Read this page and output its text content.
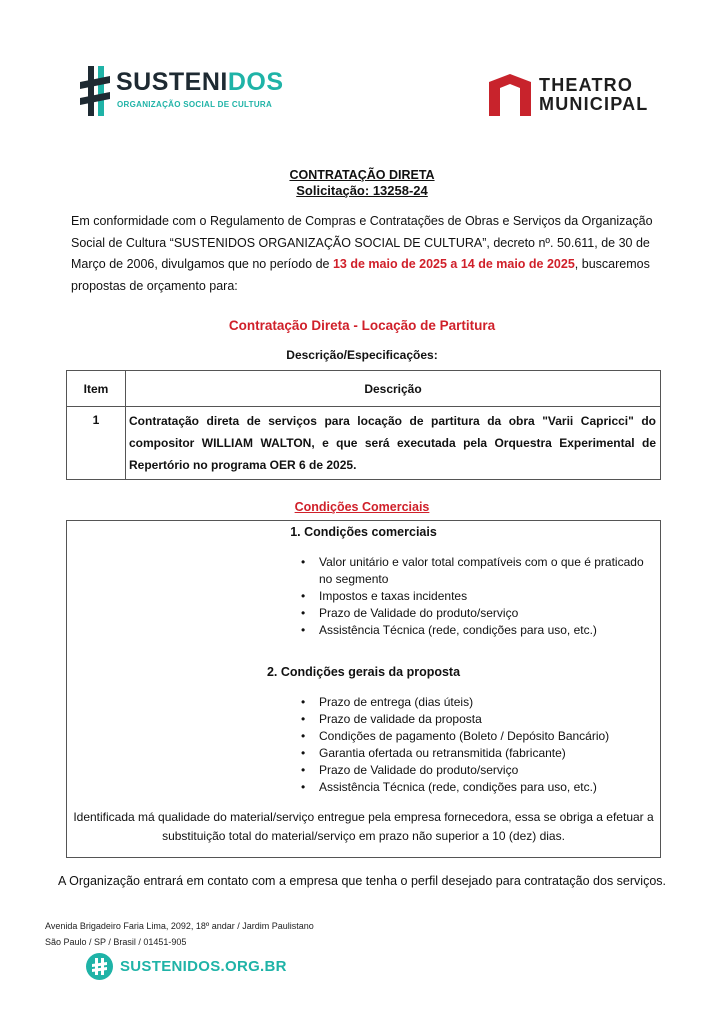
SUSTENIDOS
ORGANIZAÇÃO SOCIAL DE CULTURA
THEATRO
MUNICIPAL
CONTRATAÇÃO DIRETA
Solicitação: 13258-24
Em conformidade com o Regulamento de Compras e Contratações de Obras e Serviços da Organização Social de Cultura “SUSTENIDOS ORGANIZAÇÃO SOCIAL DE CULTURA”, decreto nº. 50.611, de 30 de Março de 2006, divulgamos que no período de 13 de maio de 2025 a 14 de maio de 2025, buscaremos propostas de orçamento para:
Contratação Direta - Locação de Partitura
Descrição/Especificações:
Item	Descrição
1	Contratação direta de serviços para locação de partitura da obra "Varii Capricci" do compositor WILLIAM WALTON, e que será executada pela Orquestra Experimental de Repertório no programa OER 6 de 2025.
Condições Comerciais
1. Condições comerciais
• Valor unitário e valor total compatíveis com o que é praticado no segmento
• Impostos e taxas incidentes
• Prazo de Validade do produto/serviço
• Assistência Técnica (rede, condições para uso, etc.)
2. Condições gerais da proposta
• Prazo de entrega (dias úteis)
• Prazo de validade da proposta
• Condições de pagamento (Boleto / Depósito Bancário)
• Garantia ofertada ou retransmitida (fabricante)
• Prazo de Validade do produto/serviço
• Assistência Técnica (rede, condições para uso, etc.)
Identificada má qualidade do material/serviço entregue pela empresa fornecedora, essa se obriga a efetuar a substituição total do material/serviço em prazo não superior a 10 (dez) dias.
A Organização entrará em contato com a empresa que tenha o perfil desejado para contratação dos serviços.
Avenida Brigadeiro Faria Lima, 2092, 18º andar / Jardim Paulistano
São Paulo / SP / Brasil / 01451-905
SUSTENIDOS.ORG.BR
